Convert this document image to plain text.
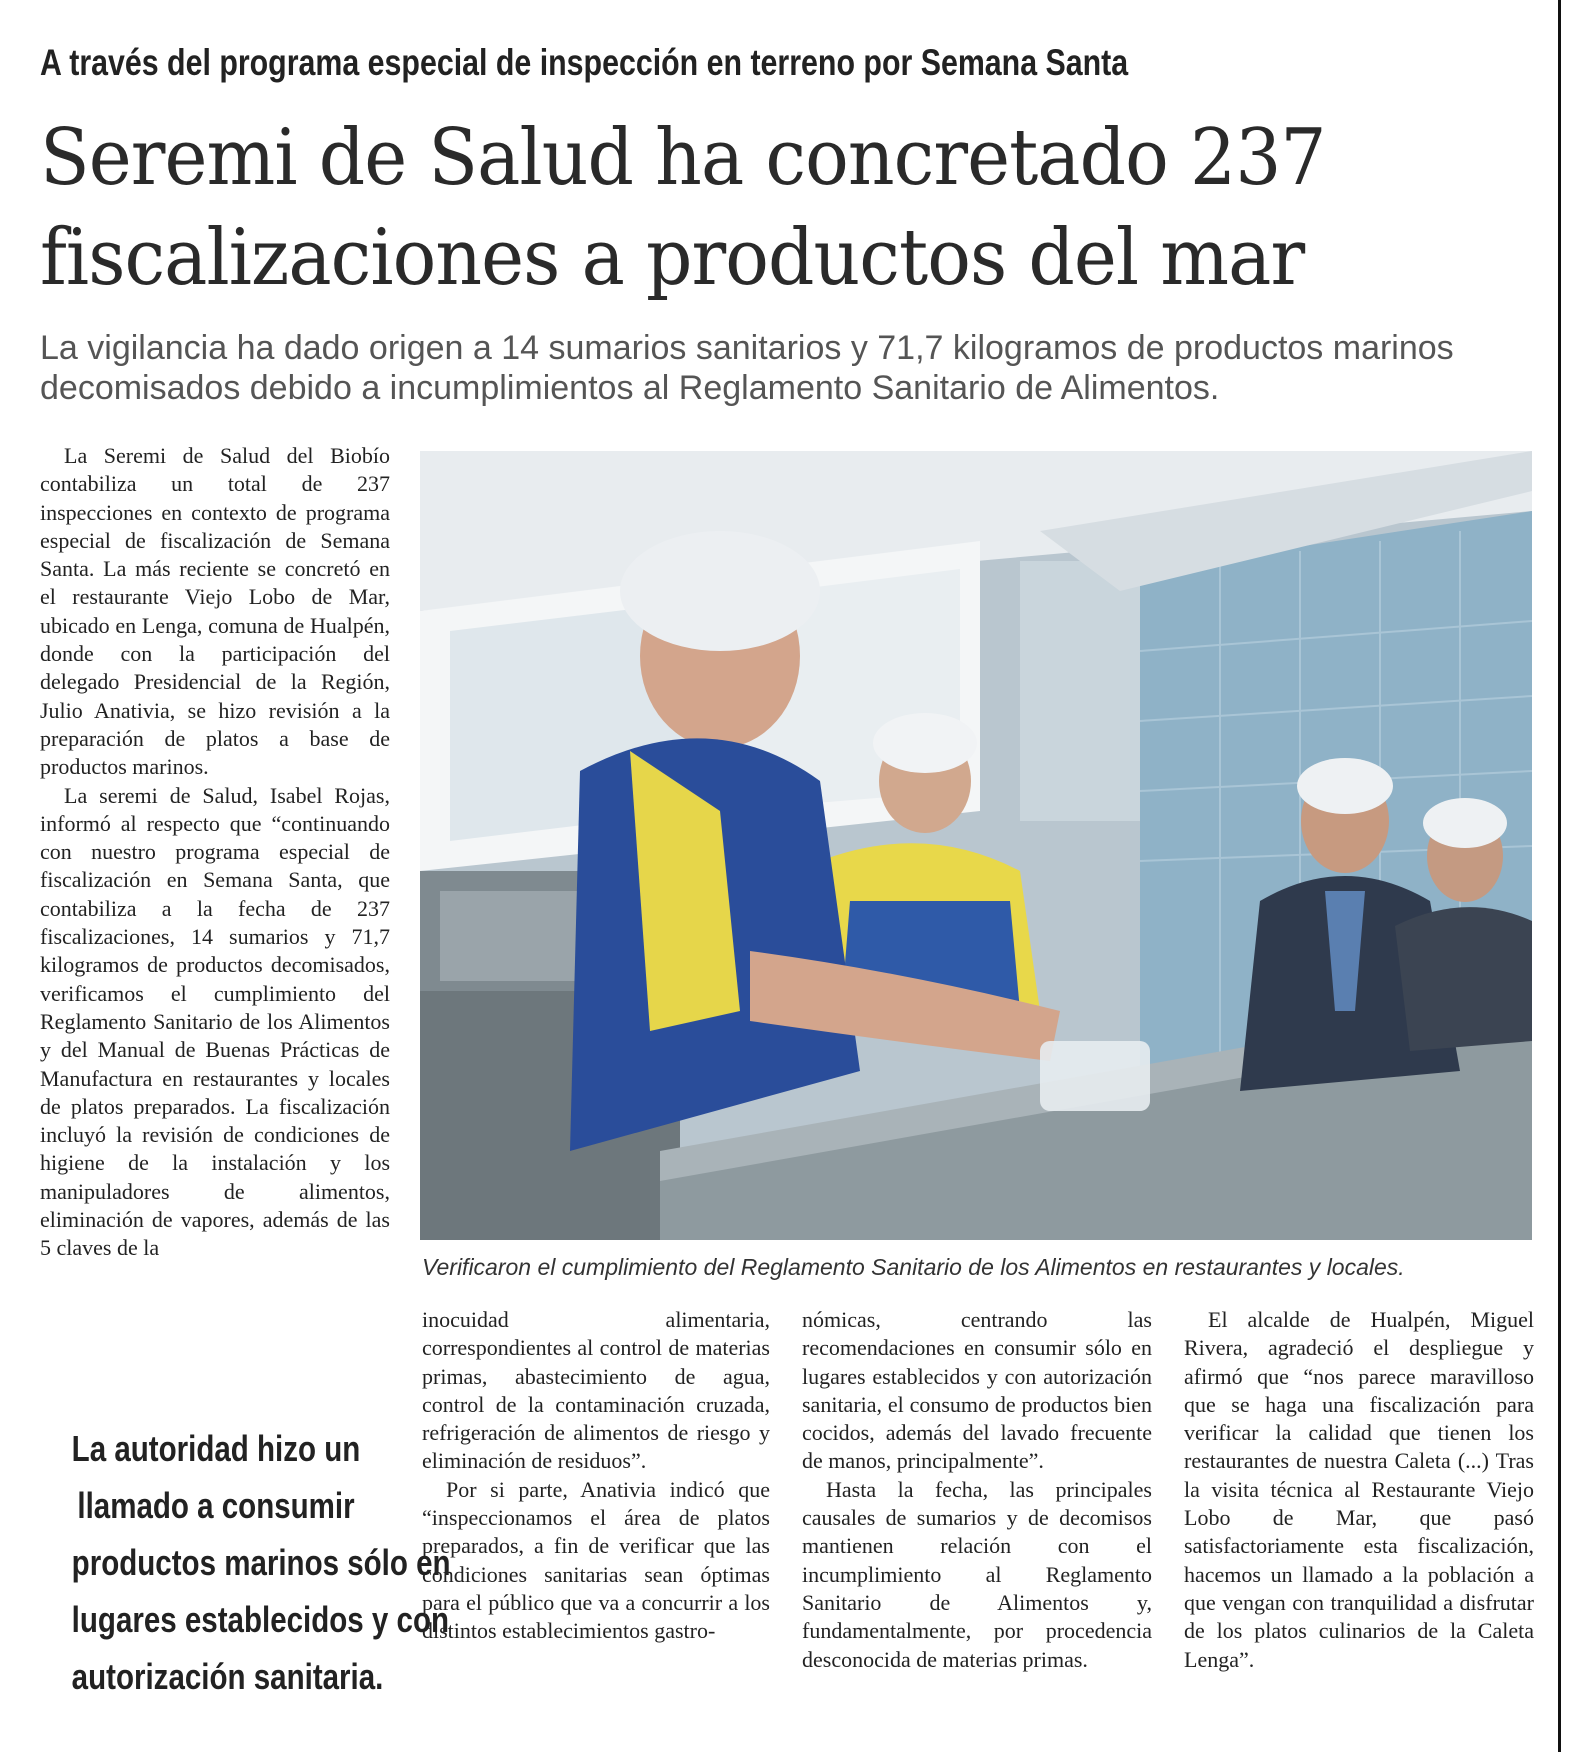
A través del programa especial de inspección en terreno por Semana Santa
Seremi de Salud ha concretado 237
fiscalizaciones a productos del mar
La vigilancia ha dado origen a 14 sumarios sanitarios y 71,7 kilogramos de productos marinos
decomisados debido a incumplimientos al Reglamento Sanitario de Alimentos.

La Seremi de Salud del Biobío contabiliza un total de 237 inspecciones en contexto de programa especial de fiscalización de Semana Santa. La más reciente se concretó en el restaurante Viejo Lobo de Mar, ubicado en Lenga, comuna de Hualpén, donde con la participación del delegado Presidencial de la Región, Julio Anativia, se hizo revisión a la preparación de platos a base de productos marinos.

La seremi de Salud, Isabel Rojas, informó al respecto que “continuando con nuestro programa especial de fiscalización en Semana Santa, que contabiliza a la fecha de 237 fiscalizaciones, 14 sumarios y 71,7 kilogramos de productos decomisados, verificamos el cumplimiento del Reglamento Sanitario de los Alimentos y del Manual de Buenas Prácticas de Manufactura en restaurantes y locales de platos preparados. La fiscalización incluyó la revisión de condiciones de higiene de la instalación y los manipuladores de alimentos, eliminación de vapores, además de las 5 claves de la

Verificaron el cumplimiento del Reglamento Sanitario de los Alimentos en restaurantes y locales.
La autoridad hizo un
llamado a consumir
productos marinos sólo en
lugares establecidos y con
autorización sanitaria.

inocuidad alimentaria, correspondientes al control de materias primas, abastecimiento de agua, control de la contaminación cruzada, refrigeración de alimentos de riesgo y eliminación de residuos”.

Por si parte, Anativia indicó que “inspeccionamos el área de platos preparados, a fin de verificar que las condiciones sanitarias sean óptimas para el público que va a concurrir a los distintos establecimientos gastro-

nómicas, centrando las recomendaciones en consumir sólo en lugares establecidos y con autorización sanitaria, el consumo de productos bien cocidos, además del lavado frecuente de manos, principalmente”.

Hasta la fecha, las principales causales de sumarios y de decomisos mantienen relación con el incumplimiento al Reglamento Sanitario de Alimentos y, fundamentalmente, por procedencia desconocida de materias primas.

El alcalde de Hualpén, Miguel Rivera, agradeció el despliegue y afirmó que “nos parece maravilloso que se haga una fiscalización para verificar la calidad que tienen los restaurantes de nuestra Caleta (...) Tras la visita técnica al Restaurante Viejo Lobo de Mar, que pasó satisfactoriamente esta fiscalización, hacemos un llamado a la población a que vengan con tranquilidad a disfrutar de los platos culinarios de la Caleta Lenga”.
